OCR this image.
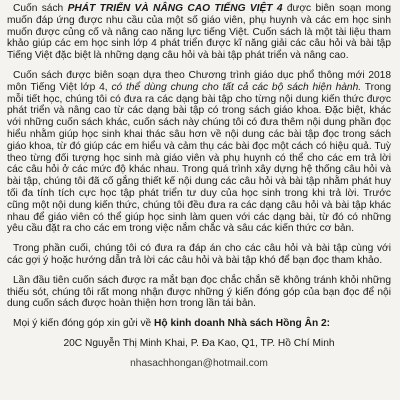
Cuốn sách PHÁT TRIỂN VÀ NÂNG CAO TIẾNG VIỆT 4 được biên soạn mong muốn đáp ứng được nhu cầu của một số giáo viên, phụ huynh và các em học sinh muốn được củng cố và nâng cao năng lực tiếng Việt. Cuốn sách là một tài liệu tham khảo giúp các em học sinh lớp 4 phát triển được kĩ năng giải các câu hỏi và bài tập Tiếng Việt đặc biệt là những dạng câu hỏi và bài tập phát triển và nâng cao.

Cuốn sách được biên soạn dựa theo Chương trình giáo dục phổ thông mới 2018 môn Tiếng Việt lớp 4, có thể dùng chung cho tất cả các bộ sách hiện hành. Trong mỗi tiết học, chúng tôi có đưa ra các dạng bài tập cho từng nội dung kiến thức được phát triển và nâng cao từ các dạng bài tập có trong sách giáo khoa. Đặc biệt, khác với những cuốn sách khác, cuốn sách này chúng tôi có đưa thêm nội dung phần đọc hiểu nhằm giúp học sinh khai thác sâu hơn về nội dung các bài tập đọc trong sách giáo khoa, từ đó giúp các em hiểu và cảm thụ các bài đọc một cách có hiệu quả. Tuỳ theo từng đối tượng học sinh mà giáo viên và phụ huynh có thể cho các em trả lời các câu hỏi ở các mức độ khác nhau. Trong quá trình xây dựng hệ thống câu hỏi và bài tập, chúng tôi đã cố gắng thiết kế nội dung các câu hỏi và bài tập nhằm phát huy tối đa tính tích cực học tập phát triển tư duy của học sinh trong khi trả lời. Trước cũng một nội dung kiến thức, chúng tôi đều đưa ra các dạng câu hỏi và bài tập khác nhau để giáo viên có thể giúp học sinh làm quen với các dạng bài, từ đó có những yêu cầu đặt ra cho các em trong việc nắm chắc và sâu các kiến thức cơ bản.

Trong phần cuối, chúng tôi có đưa ra đáp án cho các câu hỏi và bài tập cùng với các gợi ý hoặc hướng dẫn trả lời các câu hỏi và bài tập khó để bạn đọc tham khảo.

Lần đầu tiên cuốn sách được ra mắt bạn đọc chắc chắn sẽ không tránh khỏi những thiếu sót, chúng tôi rất mong nhận được những ý kiến đóng góp của bạn đọc để nội dung cuốn sách được hoàn thiện hơn trong lần tái bản.

Mọi ý kiến đóng góp xin gửi về Hộ kinh doanh Nhà sách Hồng Ân 2:

20C Nguyễn Thị Minh Khai, P. Đa Kao, Q1, TP. Hồ Chí Minh

nhasachhongan@hotmail.com
